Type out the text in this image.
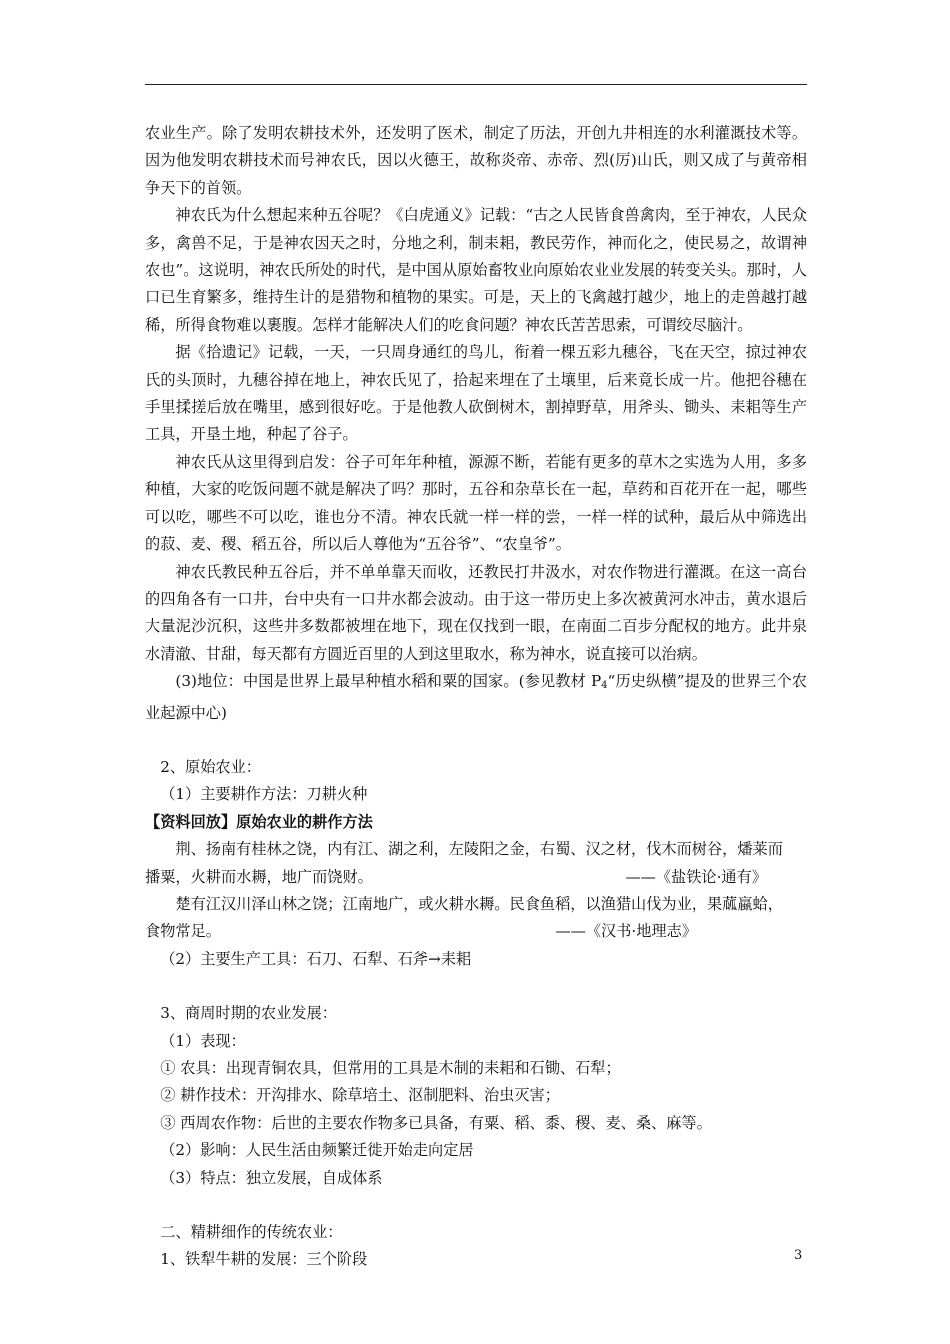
农业生产。除了发明农耕技术外，还发明了医术，制定了历法，开创九井相连的水利灌溉技术等。因为他发明农耕技术而号神农氏，因以火德王，故称炎帝、赤帝、烈(厉)山氏，则又成了与黄帝相争天下的首领。

神农氏为什么想起来种五谷呢？《白虎通义》记载：“古之人民皆食兽禽肉，至于神农，人民众多，禽兽不足，于是神农因天之时，分地之利，制耒耜，教民劳作，神而化之，使民易之，故谓神农也”。这说明，神农氏所处的时代，是中国从原始畜牧业向原始农业业发展的转变关头。那时，人口已生育繁多，维持生计的是猎物和植物的果实。可是，天上的飞禽越打越少，地上的走兽越打越稀，所得食物难以裹腹。怎样才能解决人们的吃食问题？神农氏苦苦思索，可谓绞尽脑汁。

据《拾遗记》记载，一天，一只周身通红的鸟儿，衔着一棵五彩九穗谷，飞在天空，掠过神农氏的头顶时，九穗谷掉在地上，神农氏见了，拾起来埋在了土壤里，后来竟长成一片。他把谷穗在手里揉搓后放在嘴里，感到很好吃。于是他教人砍倒树木，割掉野草，用斧头、锄头、耒耜等生产工具，开垦土地，种起了谷子。

神农氏从这里得到启发：谷子可年年种植，源源不断，若能有更多的草木之实选为人用，多多种植，大家的吃饭问题不就是解决了吗？那时，五谷和杂草长在一起，草药和百花开在一起，哪些可以吃，哪些不可以吃，谁也分不清。神农氏就一样一样的尝，一样一样的试种，最后从中筛选出的菽、麦、稷、稻五谷，所以后人尊他为“五谷爷”、“农皇爷”。

神农氏教民种五谷后，并不单单靠天而收，还教民打井汲水，对农作物进行灌溉。在这一高台的四角各有一口井，台中央有一口井水都会波动。由于这一带历史上多次被黄河水冲击，黄水退后大量泥沙沉积，这些井多数都被埋在地下，现在仅找到一眼，在南面二百步分配权的地方。此井泉水清澈、甘甜，每天都有方圆近百里的人到这里取水，称为神水，说直接可以治病。

(3)地位：中国是世界上最早种植水稻和粟的国家。(参见教材 $P_4“$历史纵横”提及的世界三个农业起源中心)

2、原始农业：

（1）主要耕作方法：刀耕火种

【资料回放】原始农业的耕作方法

荆、扬南有桂林之饶，内有江、湖之利，左陵阳之金，右蜀、汉之材，伐木而树谷，燔莱而

播粟，火耕而水耨，地广而饶财。	——《盐铁论·通有》

楚有江汉川泽山林之饶；江南地广，或火耕水耨。民食鱼稻，以渔猎山伐为业，果蓏蠃蛤，

食物常足。	——《汉书·地理志》

（2）主要生产工具：石刀、石犁、石斧→耒耜

3、商周时期的农业发展：

（1）表现：

① 农具：出现青铜农具，但常用的工具是木制的耒耜和石锄、石犁；

② 耕作技术：开沟排水、除草培土、沤制肥料、治虫灭害；

③ 西周农作物：后世的主要农作物多已具备，有粟、稻、黍、稷、麦、桑、麻等。

（2）影响：人民生活由频繁迁徙开始走向定居

（3）特点：独立发展，自成体系

二、精耕细作的传统农业：

1、铁犁牛耕的发展：三个阶段	3
